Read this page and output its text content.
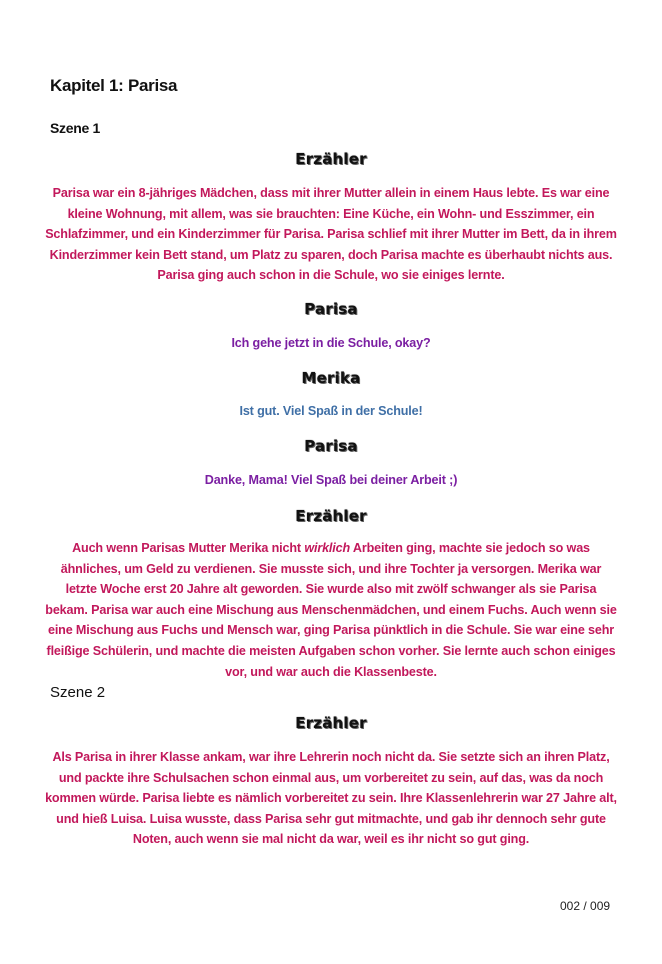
Kapitel 1: Parisa
Szene 1
Erzähler

Parisa war ein 8-jähriges Mädchen, dass mit ihrer Mutter allein in einem Haus lebte. Es war eine kleine Wohnung, mit allem, was sie brauchten: Eine Küche, ein Wohn- und Esszimmer, ein Schlafzimmer, und ein Kinderzimmer für Parisa. Parisa schlief mit ihrer Mutter im Bett, da in ihrem Kinderzimmer kein Bett stand, um Platz zu sparen, doch Parisa machte es überhaubt nichts aus. Parisa ging auch schon in die Schule, wo sie einiges lernte.

Parisa

Ich gehe jetzt in die Schule, okay?

Merika

Ist gut. Viel Spaß in der Schule!

Parisa

Danke, Mama! Viel Spaß bei deiner Arbeit ;)

Erzähler

Auch wenn Parisas Mutter Merika nicht wirklich Arbeiten ging, machte sie jedoch so was ähnliches, um Geld zu verdienen. Sie musste sich, und ihre Tochter ja versorgen. Merika war letzte Woche erst 20 Jahre alt geworden. Sie wurde also mit zwölf schwanger als sie Parisa bekam. Parisa war auch eine Mischung aus Menschenmädchen, und einem Fuchs. Auch wenn sie eine Mischung aus Fuchs und Mensch war, ging Parisa pünktlich in die Schule. Sie war eine sehr fleißige Schülerin, und machte die meisten Aufgaben schon vorher. Sie lernte auch schon einiges vor, und war auch die Klassenbeste.

Szene 2
Erzähler

Als Parisa in ihrer Klasse ankam, war ihre Lehrerin noch nicht da. Sie setzte sich an ihren Platz, und packte ihre Schulsachen schon einmal aus, um vorbereitet zu sein, auf das, was da noch kommen würde. Parisa liebte es nämlich vorbereitet zu sein. Ihre Klassenlehrerin war 27 Jahre alt, und hieß Luisa. Luisa wusste, dass Parisa sehr gut mitmachte, und gab ihr dennoch sehr gute Noten, auch wenn sie mal nicht da war, weil es ihr nicht so gut ging.

002 / 009
